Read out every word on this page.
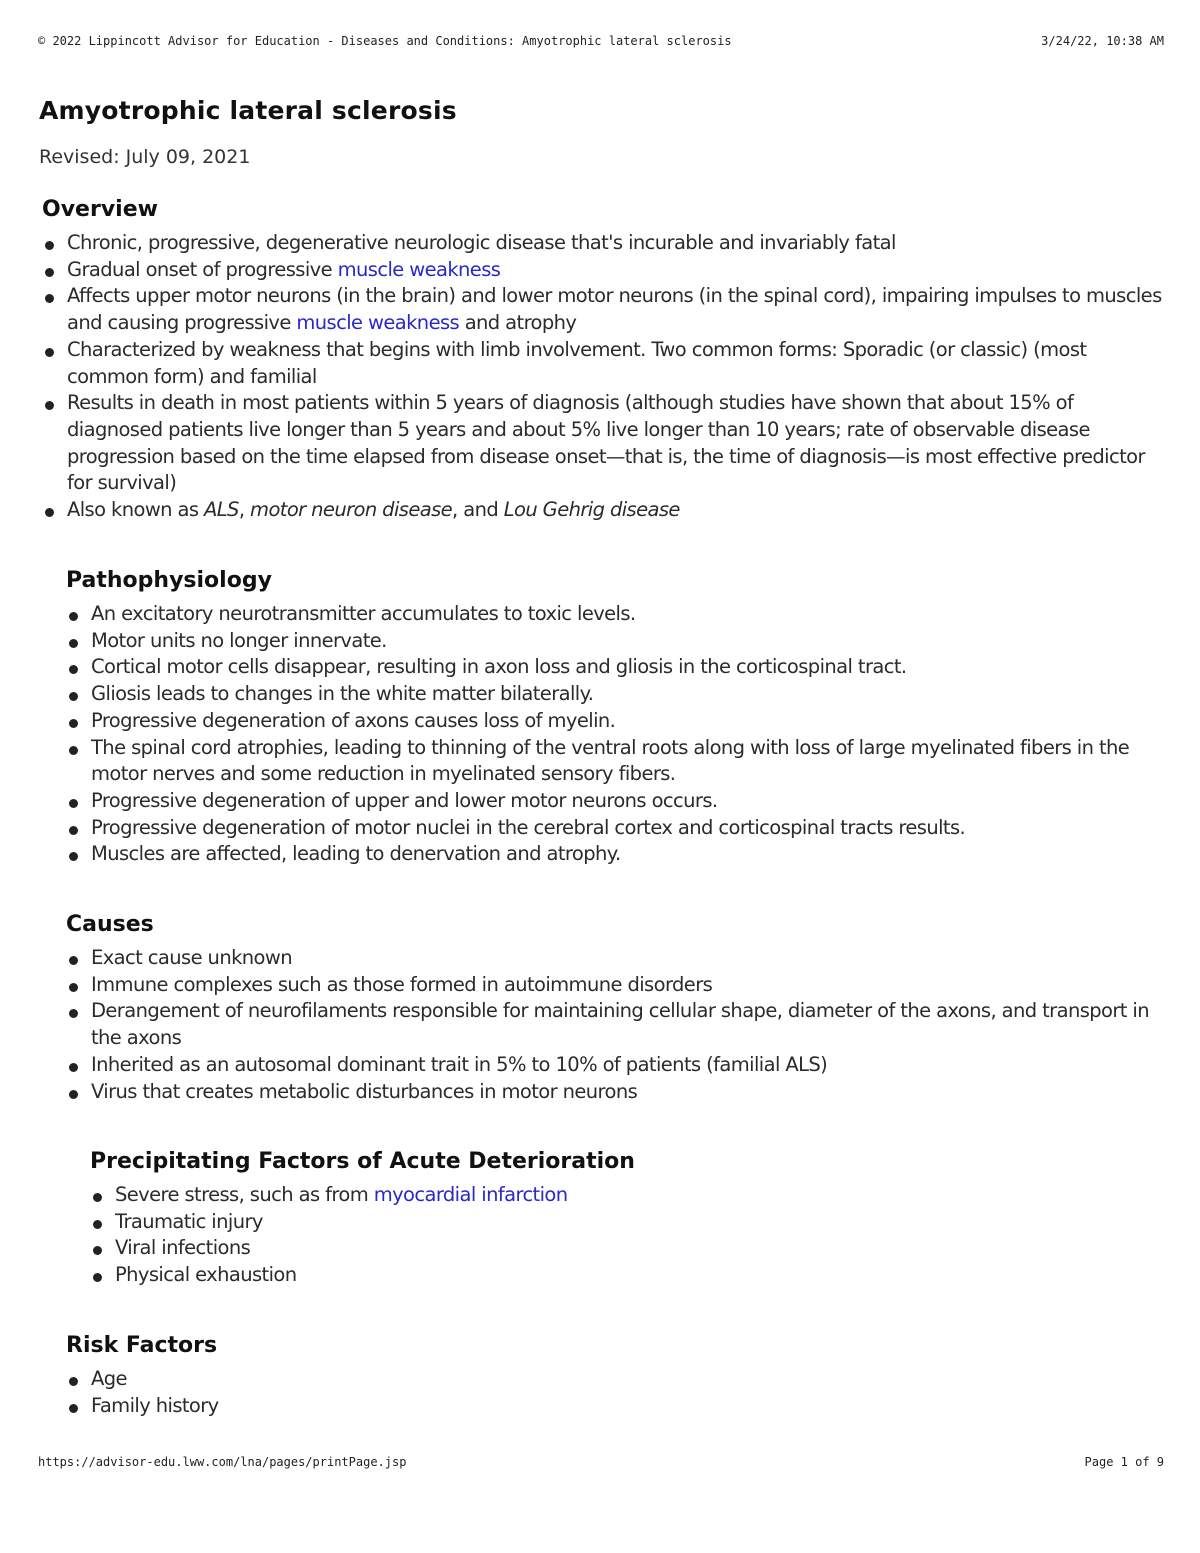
© 2022 Lippincott Advisor for Education - Diseases and Conditions: Amyotrophic lateral sclerosis	3/24/22, 10:38 AM
Amyotrophic lateral sclerosis
Revised: July 09, 2021
Overview
Chronic, progressive, degenerative neurologic disease that's incurable and invariably fatal
Gradual onset of progressive muscle weakness
Affects upper motor neurons (in the brain) and lower motor neurons (in the spinal cord), impairing impulses to muscles and causing progressive muscle weakness and atrophy
Characterized by weakness that begins with limb involvement. Two common forms: Sporadic (or classic) (most common form) and familial
Results in death in most patients within 5 years of diagnosis (although studies have shown that about 15% of diagnosed patients live longer than 5 years and about 5% live longer than 10 years; rate of observable disease progression based on the time elapsed from disease onset—that is, the time of diagnosis—is most effective predictor for survival)
Also known as ALS, motor neuron disease, and Lou Gehrig disease
Pathophysiology
An excitatory neurotransmitter accumulates to toxic levels.
Motor units no longer innervate.
Cortical motor cells disappear, resulting in axon loss and gliosis in the corticospinal tract.
Gliosis leads to changes in the white matter bilaterally.
Progressive degeneration of axons causes loss of myelin.
The spinal cord atrophies, leading to thinning of the ventral roots along with loss of large myelinated fibers in the motor nerves and some reduction in myelinated sensory fibers.
Progressive degeneration of upper and lower motor neurons occurs.
Progressive degeneration of motor nuclei in the cerebral cortex and corticospinal tracts results.
Muscles are affected, leading to denervation and atrophy.
Causes
Exact cause unknown
Immune complexes such as those formed in autoimmune disorders
Derangement of neurofilaments responsible for maintaining cellular shape, diameter of the axons, and transport in the axons
Inherited as an autosomal dominant trait in 5% to 10% of patients (familial ALS)
Virus that creates metabolic disturbances in motor neurons
Precipitating Factors of Acute Deterioration
Severe stress, such as from myocardial infarction
Traumatic injury
Viral infections
Physical exhaustion
Risk Factors
Age
Family history
https://advisor-edu.lww.com/lna/pages/printPage.jsp	Page 1 of 9
